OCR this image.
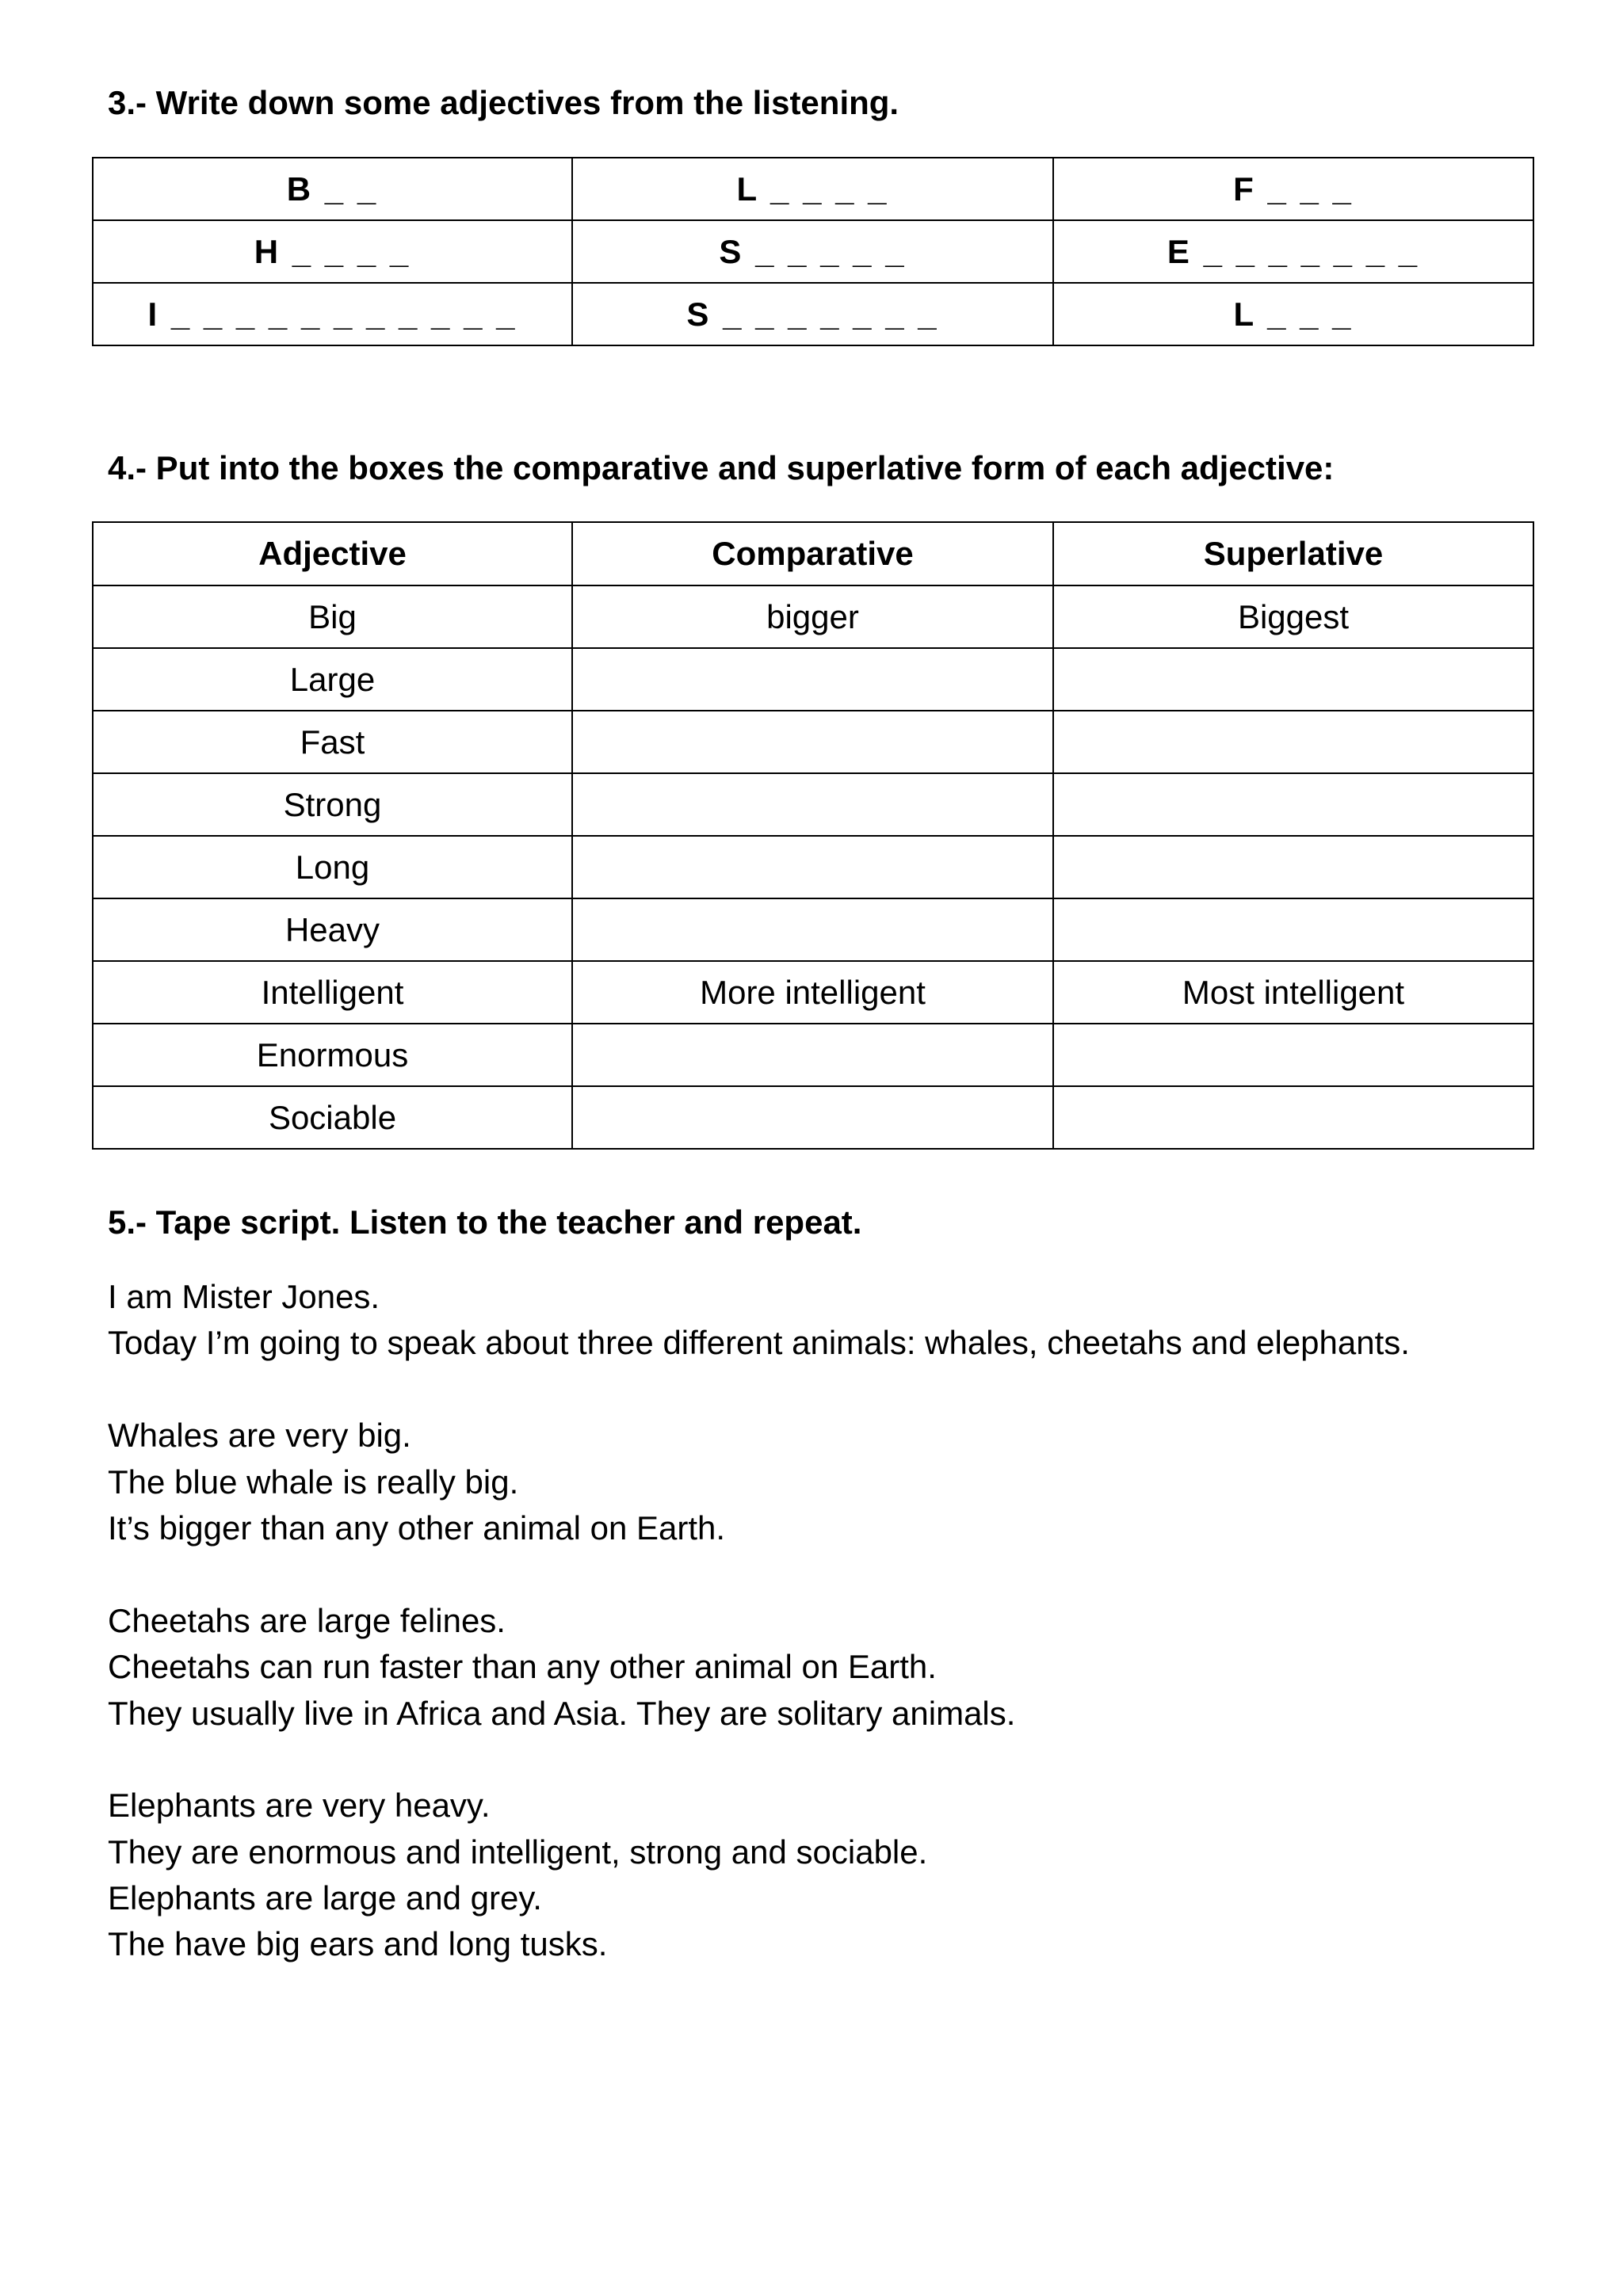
3.- Write down some adjectives from the listening.
B _ _	L _ _ _ _	F _ _ _
H _ _ _ _	S _ _ _ _ _	E _ _ _ _ _ _ _
I _ _ _ _ _ _ _ _ _ _ _	S _ _ _ _ _ _ _	L _ _ _
4.- Put into the boxes the comparative and superlative form of each adjective:
Adjective	Comparative	Superlative
Big	bigger	Biggest
Large		
Fast		
Strong		
Long		
Heavy		
Intelligent	More intelligent	Most intelligent
Enormous		
Sociable		
5.- Tape script. Listen to the teacher and repeat.
I am Mister Jones.
Today I’m going to speak about three different animals: whales, cheetahs and elephants.
Whales are very big.
The blue whale is really big.
It’s bigger than any other animal on Earth.
Cheetahs are large felines.
Cheetahs can run faster than any other animal on Earth.
They usually live in Africa and Asia. They are solitary animals.
Elephants are very heavy.
They are enormous and intelligent, strong and sociable.
Elephants are large and grey.
The have big ears and long tusks.
